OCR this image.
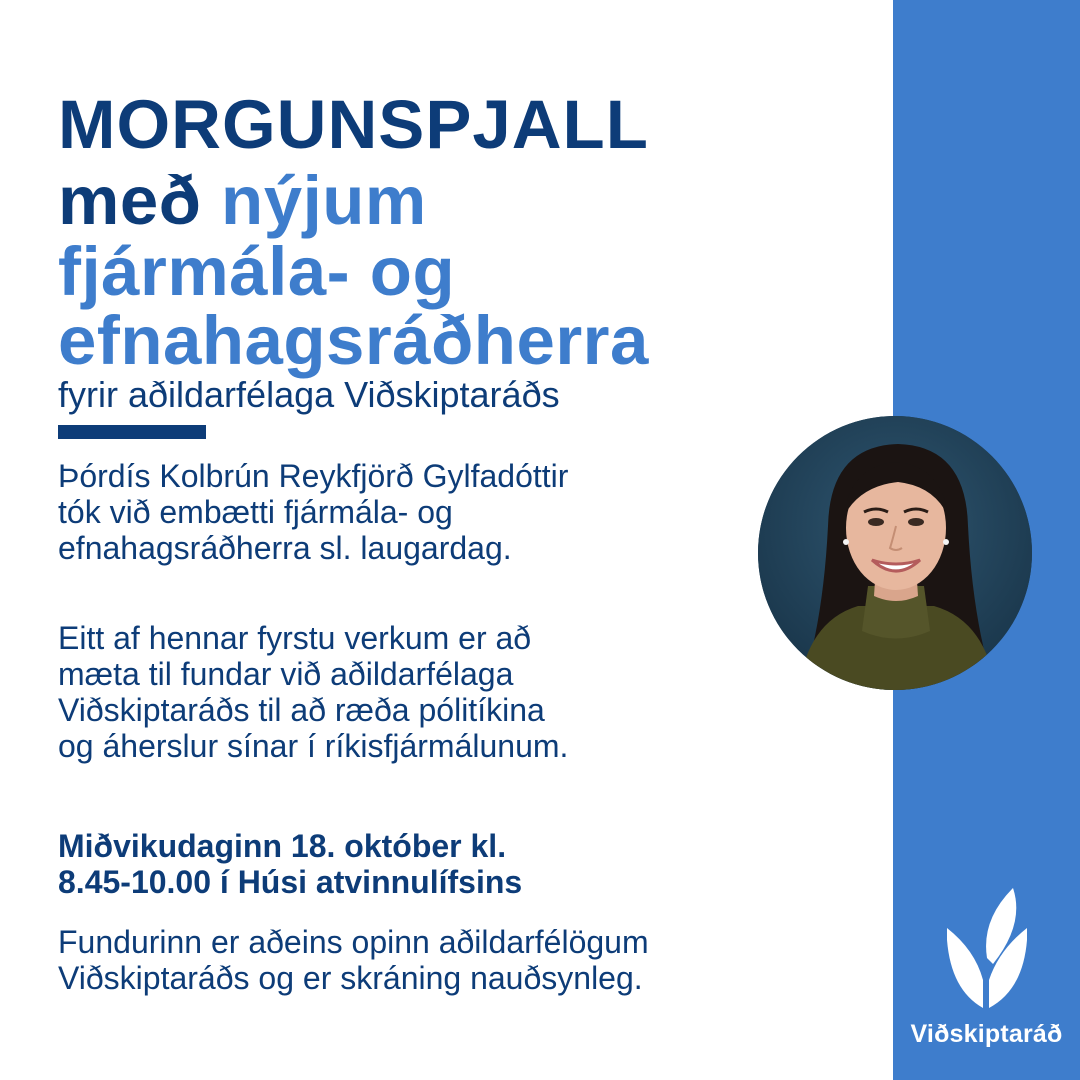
MORGUNSPJALL
með nýjum
fjármála- og
efnahagsráðherra
fyrir aðildarfélaga Viðskiptaráðs
Þórdís Kolbrún Reykfjörð Gylfadóttir
tók við embætti fjármála- og
efnahagsráðherra sl. laugardag.
Eitt af hennar fyrstu verkum er að
mæta til fundar við aðildarfélaga
Viðskiptaráðs til að ræða pólitíkina
og áherslur sínar í ríkisfjármálunum.
Miðvikudaginn 18. október kl.
8.45-10.00 í Húsi atvinnulífsins
Fundurinn er aðeins opinn aðildarfélögum
Viðskiptaráðs og er skráning nauðsynleg.
Viðskiptaráð
